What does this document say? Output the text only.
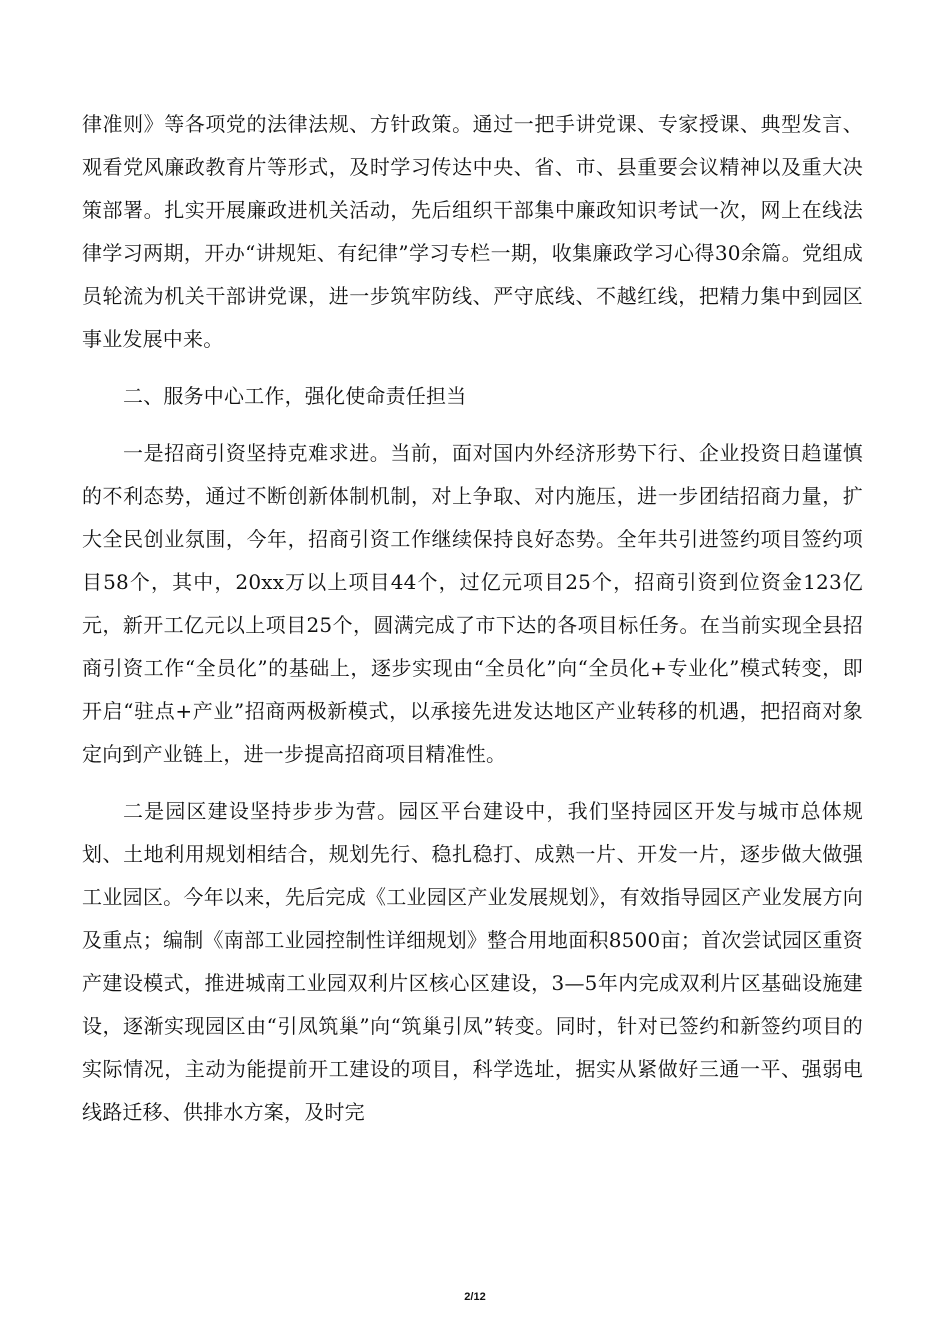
律准则》等各项党的法律法规、方针政策。通过一把手讲党课、专家授课、典型发言、观看党风廉政教育片等形式，及时学习传达中央、省、市、县重要会议精神以及重大决策部署。扎实开展廉政进机关活动，先后组织干部集中廉政知识考试一次，网上在线法律学习两期，开办“讲规矩、有纪律”学习专栏一期，收集廉政学习心得30余篇。党组成员轮流为机关干部讲党课，进一步筑牢防线、严守底线、不越红线，把精力集中到园区事业发展中来。

二、服务中心工作，强化使命责任担当

一是招商引资坚持克难求进。当前，面对国内外经济形势下行、企业投资日趋谨慎的不利态势，通过不断创新体制机制，对上争取、对内施压，进一步团结招商力量，扩大全民创业氛围，今年，招商引资工作继续保持良好态势。全年共引进签约项目签约项目58个，其中，20xx万以上项目44个，过亿元项目25个，招商引资到位资金123亿元，新开工亿元以上项目25个，圆满完成了市下达的各项目标任务。在当前实现全县招商引资工作“全员化”的基础上，逐步实现由“全员化”向“全员化+专业化”模式转变，即开启“驻点+产业”招商两极新模式，以承接先进发达地区产业转移的机遇，把招商对象定向到产业链上，进一步提高招商项目精准性。

二是园区建设坚持步步为营。园区平台建设中，我们坚持园区开发与城市总体规划、土地利用规划相结合，规划先行、稳扎稳打、成熟一片、开发一片，逐步做大做强工业园区。今年以来，先后完成《工业园区产业发展规划》，有效指导园区产业发展方向及重点；编制《南部工业园控制性详细规划》整合用地面积8500亩；首次尝试园区重资产建设模式，推进城南工业园双利片区核心区建设，3—5年内完成双利片区基础设施建设，逐渐实现园区由“引凤筑巢”向“筑巢引凤”转变。同时，针对已签约和新签约项目的实际情况，主动为能提前开工建设的项目，科学选址，据实从紧做好三通一平、强弱电线路迁移、供排水方案，及时完

2/12
